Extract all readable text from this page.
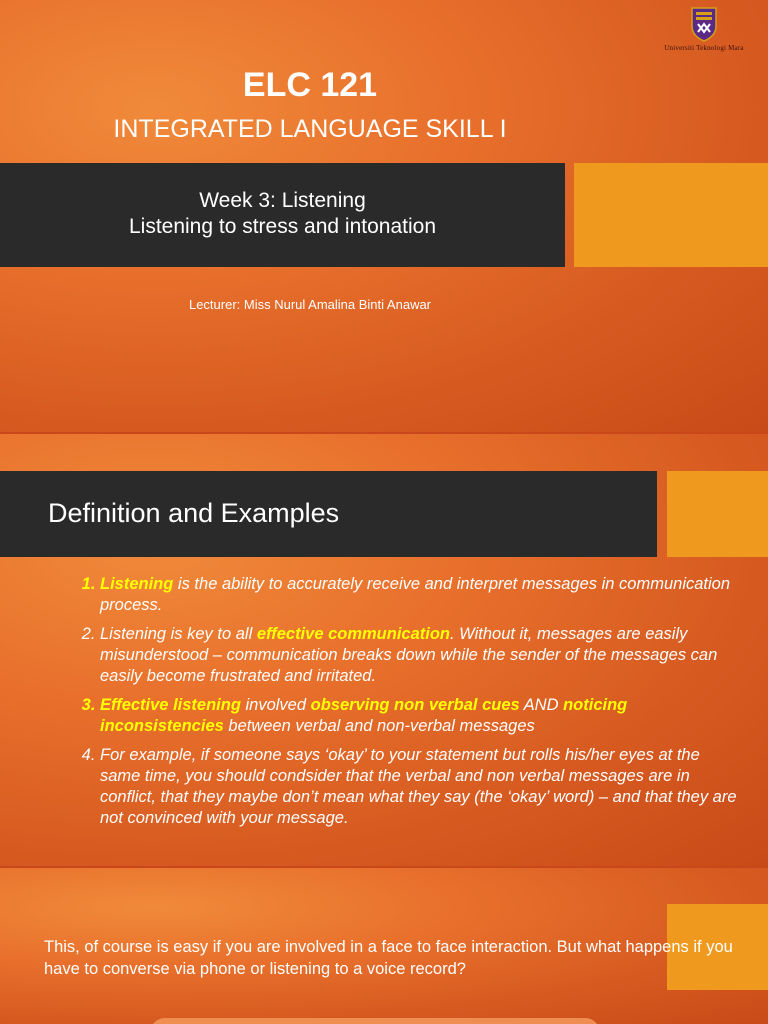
Universiti Teknologi Mara
ELC 121
INTEGRATED LANGUAGE SKILL I
Week 3: Listening
Listening to stress and intonation
Lecturer: Miss Nurul Amalina Binti Anawar
Definition and Examples
1. Listening is the ability to accurately receive and interpret messages in communication process.
2. Listening is key to all effective communication. Without it, messages are easily misunderstood – communication breaks down while the sender of the messages can easily become frustrated and irritated.
3. Effective listening involved observing non verbal cues AND noticing inconsistencies between verbal and non-verbal messages
4. For example, if someone says ‘okay’ to your statement but rolls his/her eyes at the same time, you should condsider that the verbal and non verbal messages are in conflict, that they maybe don’t mean what they say (the ‘okay’ word) – and that they are not convinced with your message.
This, of course is easy if you are involved in a face to face interaction. But what happens if you have to converse via phone or listening to a voice record?
